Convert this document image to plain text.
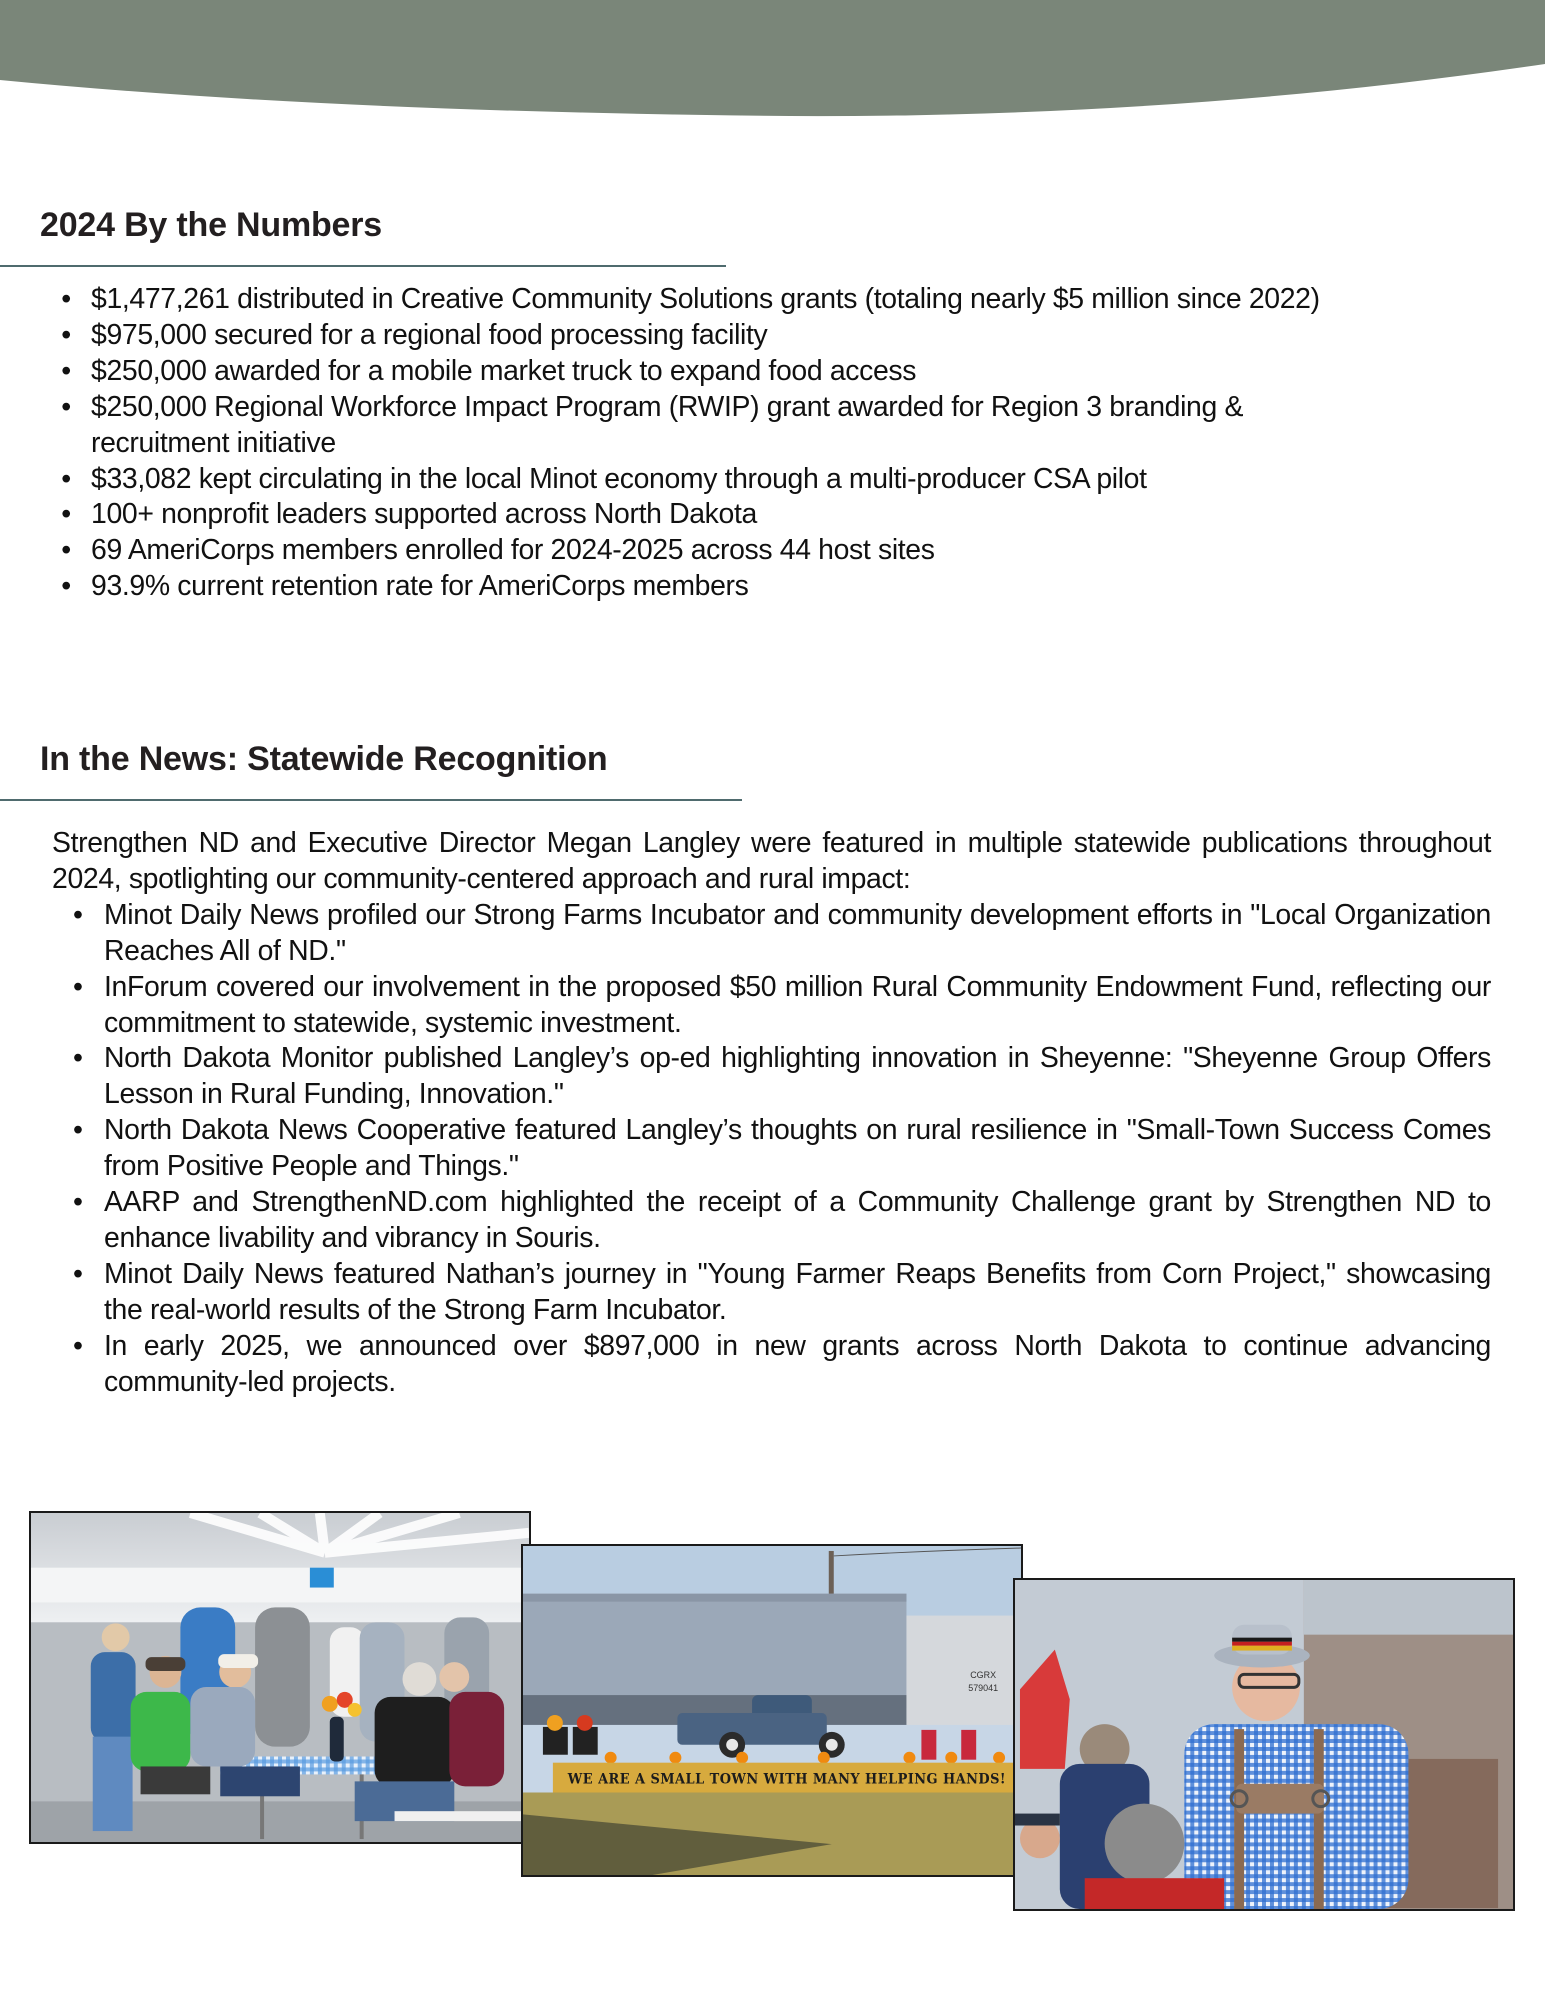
2024 By the Numbers
• $1,477,261 distributed in Creative Community Solutions grants (totaling nearly $5 million since 2022)
• $975,000 secured for a regional food processing facility
• $250,000 awarded for a mobile market truck to expand food access
• $250,000 Regional Workforce Impact Program (RWIP) grant awarded for Region 3 branding & recruitment initiative
• $33,082 kept circulating in the local Minot economy through a multi-producer CSA pilot
• 100+ nonprofit leaders supported across North Dakota
• 69 AmeriCorps members enrolled for 2024-2025 across 44 host sites
• 93.9% current retention rate for AmeriCorps members
In the News: Statewide Recognition

Strengthen ND and Executive Director Megan Langley were featured in multiple statewide publications throughout 2024, spotlighting our community-centered approach and rural impact:

• Minot Daily News profiled our Strong Farms Incubator and community development efforts in "Local Organization Reaches All of ND."
• InForum covered our involvement in the proposed $50 million Rural Community Endowment Fund, reflecting our commitment to statewide, systemic investment.
• North Dakota Monitor published Langley’s op-ed highlighting innovation in Sheyenne: "Sheyenne Group Offers Lesson in Rural Funding, Innovation."
• North Dakota News Cooperative featured Langley’s thoughts on rural resilience in "Small-Town Success Comes from Positive People and Things."
• AARP and StrengthenND.com highlighted the receipt of a Community Challenge grant by Strengthen ND to enhance livability and vibrancy in Souris.
• Minot Daily News featured Nathan’s journey in "Young Farmer Reaps Benefits from Corn Project," showcasing the real-world results of the Strong Farm Incubator.
• In early 2025, we announced over $897,000 in new grants across North Dakota to continue advancing community-led projects.
CGRX
579041
WE ARE A SMALL TOWN WITH MANY HELPING HANDS!
